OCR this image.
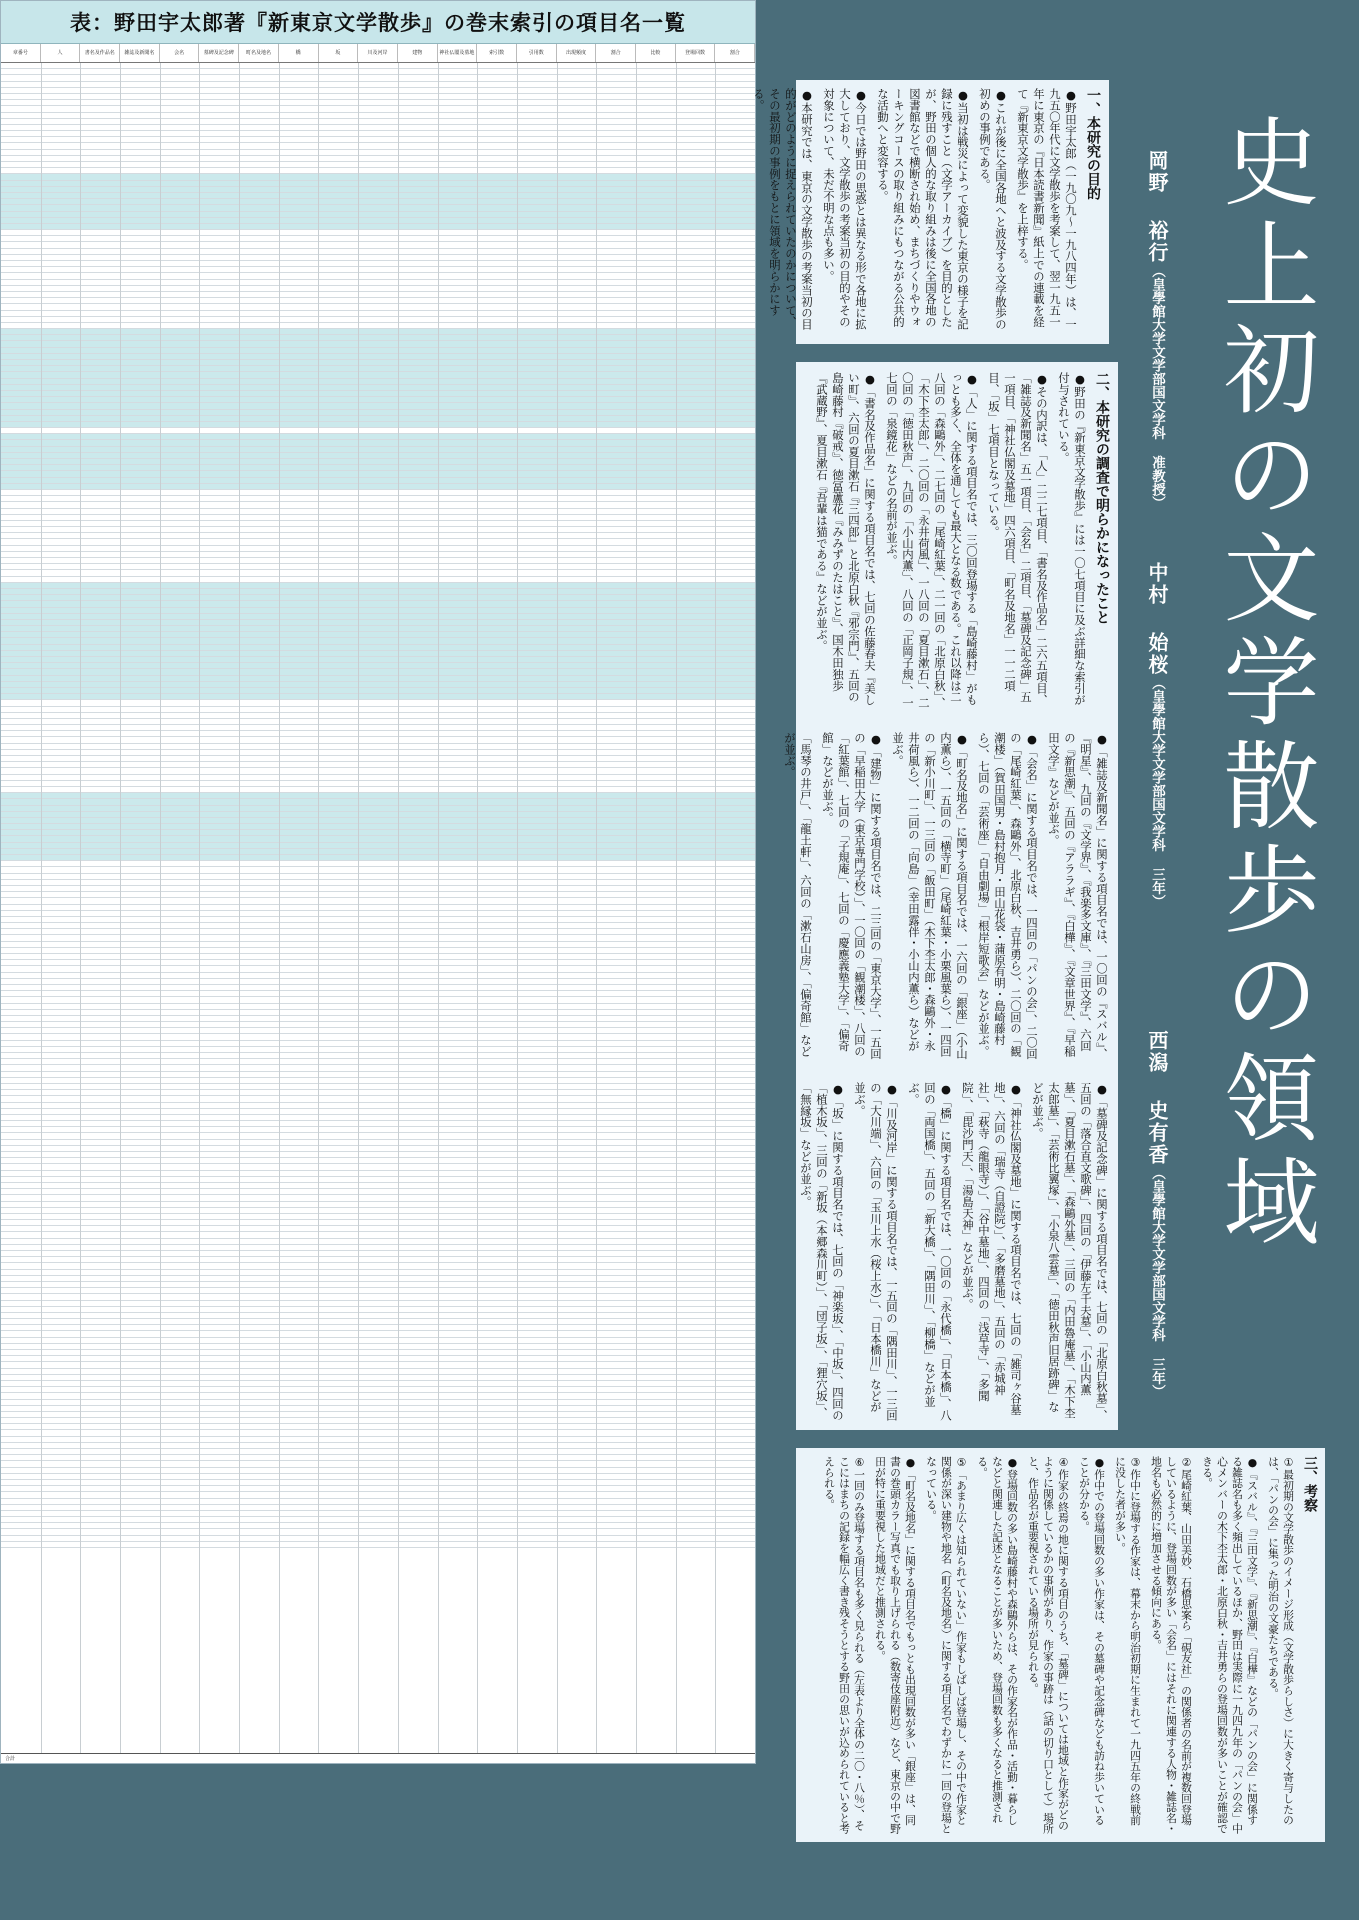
表：野田宇太郎著『新東京文学散歩』の巻末索引の項目名一覧
章番号	人	書名及作品名	雑誌及新聞名	会名	墓碑及記念碑	町名及地名	橋	坂	川及河岸	建物	神社仏閣及墓地	索引数	引用数	出現頻度	割合	比較	登場回数	割合
合計
一、本研究の目的

●野田宇太郎（一九〇九～一九八四年）は、一九五〇年代に文学散歩を考案して、翌一九五一年に東京の『日本読書新聞』紙上での連載を経て『新東京文学散歩』を上梓する。

●これが後に全国各地へと波及する文学散歩の初めの事例である。

●当初は戦災によって変貌した東京の様子を記録に残すこと（文学アーカイブ）を目的としたが、野田の個人的な取り組みは後に全国各地の図書館などで横断され始め、まちづくりやウォーキングコースの取り組みにもつながる公共的な活動へと変容する。

●今日では野田の思惑とは異なる形で各地に拡大しており、文学散歩の考案当初の目的やその対象について、未だ不明な点も多い。

●本研究では、東京の文学散歩の考案当初の目的がどのように捉えられていたのかについて、その最初期の事例をもとに領域を明らかにする。

二、本研究の調査で明らかになったこと

●野田の『新東京文学散歩』には一〇七項目に及ぶ詳細な索引が付与されている。

●その内訳は、「人」二二七項目、「書名及作品名」二六五項目、「雑誌及新聞名」五一項目、「会名」二項目、「墓碑及記念碑」五一項目、「神社仏閣及墓地」四六項目、「町名及地名」一一二項目、「坂」七項目となっている。

●「人」に関する項目名では、三〇回登場する「島崎藤村」がもっとも多く、全体を通しても最大となる数である。これ以降は二八回の「森鷗外」、二七回の「尾崎紅葉」、二一回の「北原白秋」、「木下杢太郎」、二〇回の「永井荷風」、一八回の「夏目漱石」、二〇回の「徳田秋声」、九回の「小山内薫」、八回の「正岡子規」、一七回の「泉鏡花」などの名前が並ぶ。

●「書名及作品名」に関する項目名では、七回の佐藤春夫『美しい町』、六回の夏目漱石『三四郎』と北原白秋『邪宗門』、五回の島崎藤村『破戒』、徳冨蘆花『みみずのたはこと』、国木田独歩『武蔵野』、夏目漱石『吾輩は猫である』などが並ぶ。

●「雑誌及新聞名」に関する項目名では、一〇回の『スバル』、『明星』、九回の『文学界』、『我楽多文庫』、『三田文学』、六回の『新思潮』、五回の『アララギ』、『白樺』、『文章世界』、『早稲田文学』などが並ぶ。

●「会名」に関する項目名では、一四回の「パンの会」、二〇回の「尾崎紅葉」、森鷗外」、北原白秋、吉井勇ら）、二〇回の「観潮楼」（賀田国男・島村抱月・田山花袋・蒲原有明・島崎藤村ら）、七回の「芸術座」「自由劇場」「根岸短歌会」などが並ぶ。

●「町名及地名」に関する項目名では、一六回の「銀座」（小山内薫ら）、一五回の「横寺町」（尾崎紅葉・小栗風葉ら）、一四回の「新小川町」、一三回の「飯田町」（木下杢太郎・森鷗外・永井荷風ら）、一二回の「向島」（幸田露伴・小山内薫ら）などが並ぶ。

●「建物」に関する項目名では、二三回の「東京大学」、一五回の「早稲田大学（東京専門学校）」、一〇回の「観潮楼」、八回の「紅葉館」、七回の「子規庵」、七回の「慶應義塾大学」、「偏奇館」などが並ぶ。

「馬琴の井戸」、「龍土軒」、六回の「漱石山房」、「偏奇館」などが並ぶ。

●「墓碑及記念碑」に関する項目名では、七回の「北原白秋墓」、五回の「落合直文歌碑」、四回の「伊藤左千夫墓」、「小山内薫墓」、「夏目漱石墓」、「森鷗外墓」、三回の「内田魯庵墓」、「木下杢太郎墓」、「芸術比翼塚」、「小泉八雲墓」、「徳田秋声旧居跡碑」などが並ぶ。

●「神社仏閣及墓地」に関する項目名では、七回の「雑司ヶ谷墓地」、六回の「瑞寺（自證院）」、「多磨墓地」、五回の「赤城神社」、「萩寺（龍眼寺）」、「谷中墓地」、四回の「浅草寺」、「多聞院」、「毘沙門天」、「湯島天神」などが並ぶ。

●「橋」に関する項目名では、一〇回の「永代橋」、「日本橋」、八回の「両国橋」、五回の「新大橋」、「隅田川」、「柳橋」などが並ぶ。

●「川及河岸」に関する項目名では、一五回の「隅田川」、一三回の「大川端」、六回の「玉川上水（桜上水）」、「日本橋川」などが並ぶ。

●「坂」に関する項目名では、七回の「神楽坂」、「中坂」、四回の「植木坂」、三回の「新坂（本郷森川町）」、「団子坂」、「狸穴坂」、「無縁坂」などが並ぶ。

三、考察

①最初期の文学散歩のイメージ形成（文学散歩らしさ）に大きく寄与したのは、「パンの会」に集った明治の文豪たちである。

●『スバル』、『三田文学』、『新思潮』、『白樺』などの「パンの会」に関係する雑誌名も多く頻出しているほか、野田は実際に一九四九年の「パンの会」中心メンバーの木下杢太郎・北原白秋・吉井勇らの登場回数が多いことが確認できる。

②尾崎紅葉、山田美妙、石橋思案ら「硯友社」の関係者の名前が複数回登場しているように、登場回数が多い「会名」にはそれに関連する人物・雑誌名・地名も必然的に増加させる傾向にある。

③作中に登場する作家は、幕末から明治初期に生まれて一九四五年の終戦前に没した者が多い。

●作中での登場回数の多い作家は、その墓碑や記念碑なども訪ね歩いていることが分かる。

④作家の終焉の地に関する項目のうち、「墓碑」については地域と作家がどのように関係しているかの事例があり、作家の事跡は（話の切り口として）場所と、作品名が重要視されている場所が見られる。

●登場回数の多い島崎藤村や森鷗外らは、その作家名が作品・活動・暮らしなどと関連した記述となることが多いため、登場回数も多くなると推測される。

⑤「あまり広くは知られていない」作家もしばしば登場し、その中で作家と関係が深い建物や地名（町名及地名）に関する項目名でわずかに一回の登場となっている。

●「町名及地名」に関する項目名でもっとも出現回数が多い「銀座」は、同書の巻頭カラー写真でも取り上げられる（数寄伎座附近）など、東京の中で野田が特に重要視した地域だと推測される。

⑥一回のみ登場する項目名も多く見られる（左表より全体の二〇・八％）、そこにはまちの記録を幅広く書き残そうとする野田の思いが込められていると考えられる。

史上初の文学散歩の領域
岡野 裕行（皇學館大学文学部国文学科 准教授）
中村 始桜（皇學館大学文学部国文学科 三年）
西潟 史有香（皇學館大学文学部国文学科 三年）
